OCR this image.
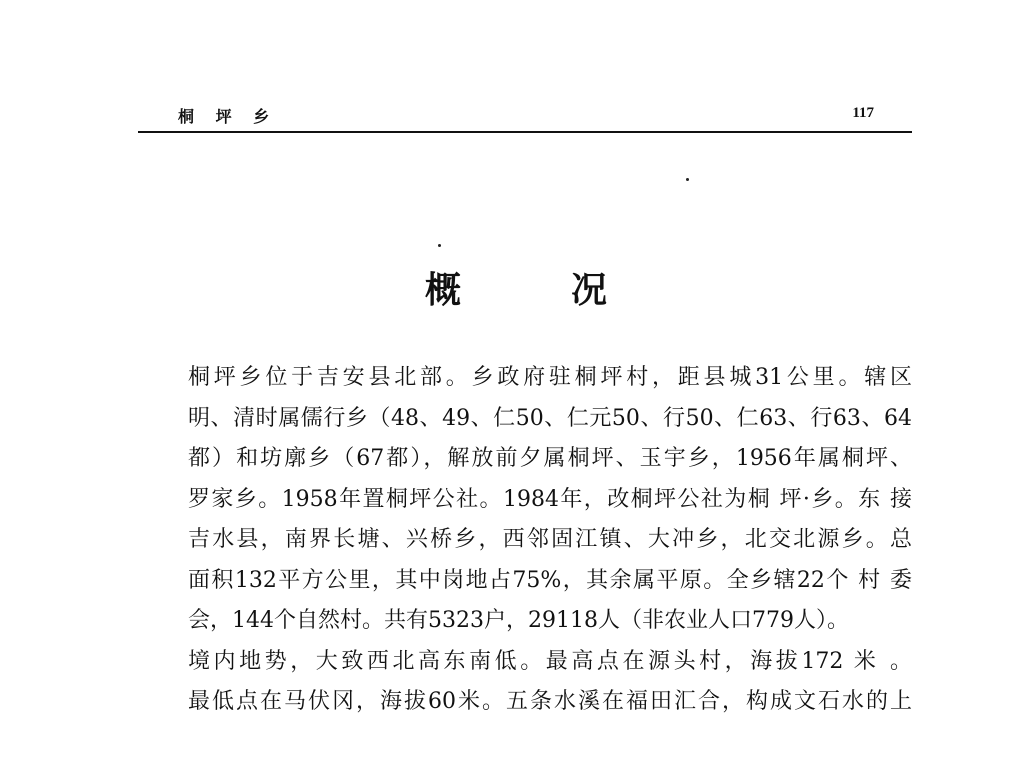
桐 坪 乡	117
概况
桐坪乡位于吉安县北部。乡政府驻桐坪村，距县城31公里。辖区
明、清时属儒行乡（48、49、仁50、仁元50、行50、仁63、行63、64
都）和坊廓乡（67都），解放前夕属桐坪、玉宇乡，1956年属桐坪、
罗家乡。1958年置桐坪公社。1984年，改桐坪公社为桐 坪·乡。东 接
吉水县，南界长塘、兴桥乡，西邻固江镇、大冲乡，北交北源乡。总
面积132平方公里，其中岗地占75%，其余属平原。全乡辖22个 村 委
会，144个自然村。共有5323户，29118人（非农业人口779人）。
境内地势，大致西北高东南低。最高点在源头村，海拔172 米 。
最低点在马伏冈，海拔60米。五条水溪在福田汇合，构成文石水的上
